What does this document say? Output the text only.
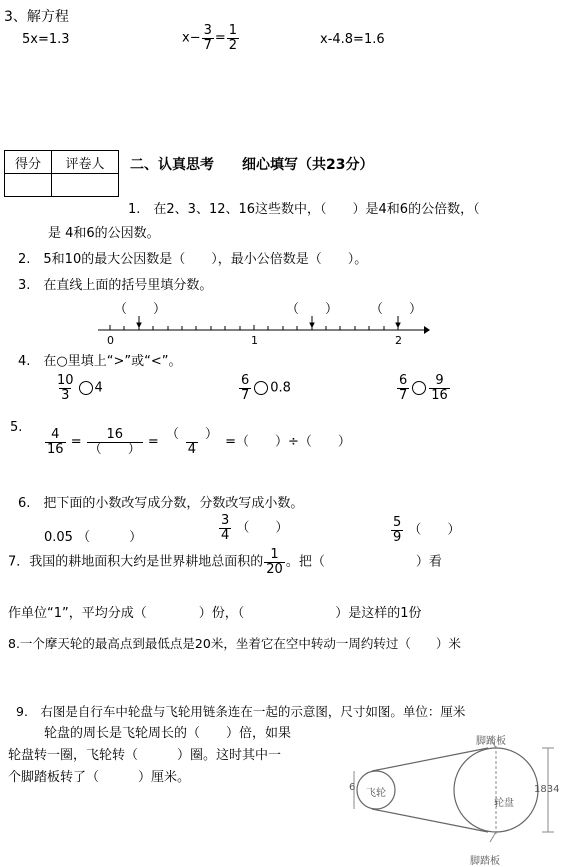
3、解方程
5x=1.3	$x- \frac{3}{7} = \frac{1}{2}$	x-4.8=1.6
得分	评卷人
	二、认真思考　　细心填写（共23分）
1.　在2、3、12、16这些数中，（　　）是4和6的公倍数，（
是 4和6的公因数。
2.　5和10的最大公因数是（　　），最小公倍数是（　　）。
3.　在直线上面的括号里填分数。
（　　）	（　　） （　　）
0	1	2
4.　在○里填上“>”或“<”。
$\frac{10}{3} 4$	$\frac{6}{7} 0.8$	$\frac{6}{7} \frac{9}{16}$
5.
$\frac{4}{16} = \frac{16}{( )} = \frac{( )}{4}$ =（　　）÷（　　）
6.　把下面的小数改写成分数，分数改写成小数。
0.05 （　　　）	$\frac{3}{4}$ （　　）	$\frac{5}{9}$ （　　）
7．我国的耕地面积大约是世界耕地总面积的 $\frac{1}{20}$ 。把（　　　　　　　）看
作单位“1”，平均分成（　　　　）份，（　　　　　　　）是这样的1份
8.一个摩天轮的最高点到最低点是20米，坐着它在空中转动一周约转过（　　）米
9.　右图是自行车中轮盘与飞轮用链条连在一起的示意图，尺寸如图。单位：厘米
轮盘的周长是飞轮周长的（　　）倍，如果
轮盘转一圈，飞轮转（　　　）圈。这时其中一
个脚踏板转了（　　　）厘米。
脚踏板
脚踏板
飞轮
轮盘
6	1834
